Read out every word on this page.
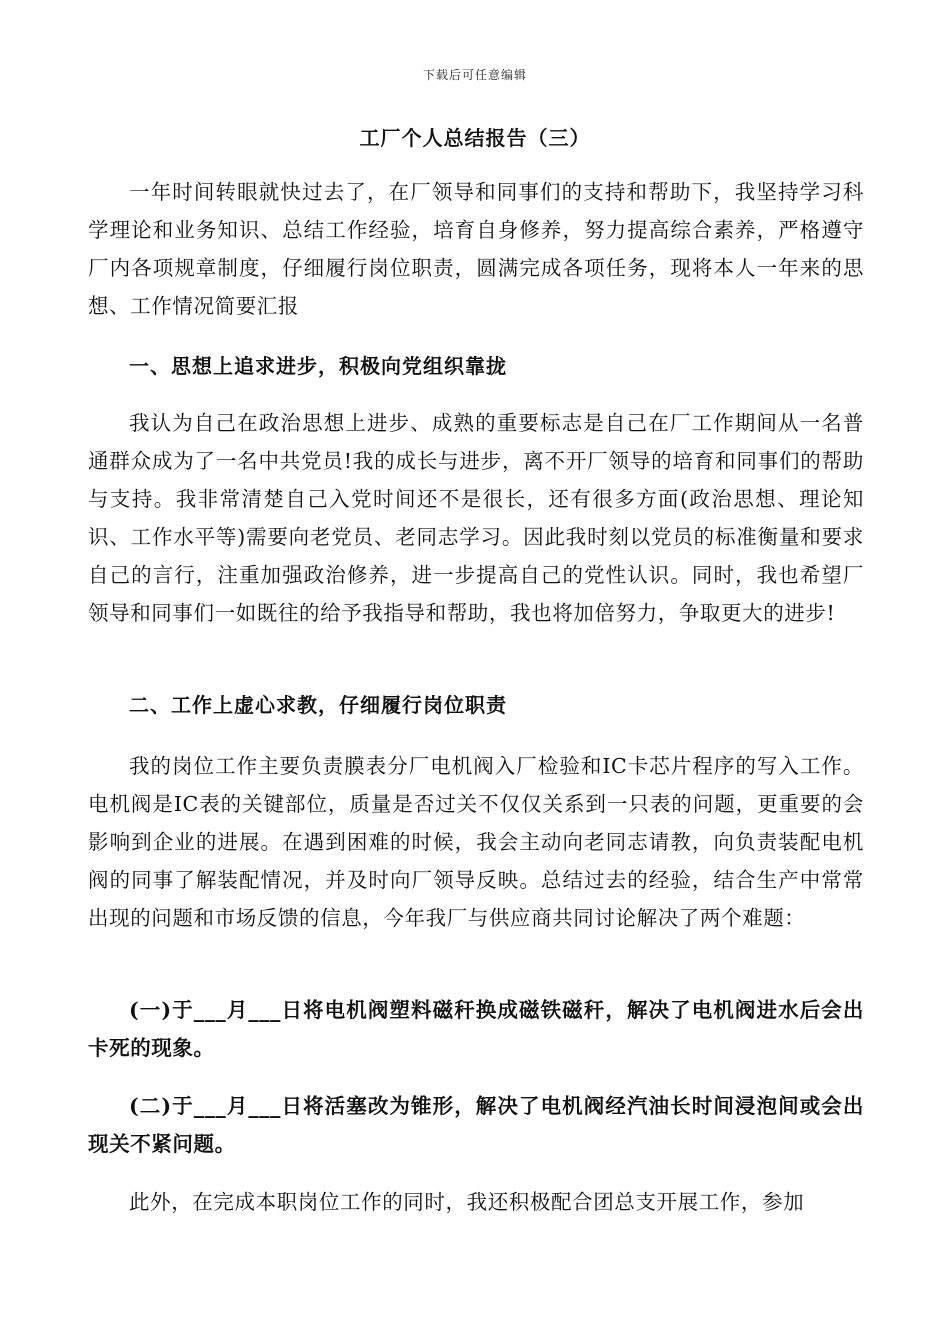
下载后可任意编辑
工厂个人总结报告（三）

一年时间转眼就快过去了，在厂领导和同事们的支持和帮助下，我坚持学习科学理论和业务知识、总结工作经验，培育自身修养，努力提高综合素养，严格遵守厂内各项规章制度，仔细履行岗位职责，圆满完成各项任务，现将本人一年来的思想、工作情况简要汇报

一、思想上追求进步，积极向党组织靠拢

我认为自己在政治思想上进步、成熟的重要标志是自己在厂工作期间从一名普通群众成为了一名中共党员!我的成长与进步，离不开厂领导的培育和同事们的帮助与支持。我非常清楚自己入党时间还不是很长，还有很多方面(政治思想、理论知识、工作水平等)需要向老党员、老同志学习。因此我时刻以党员的标准衡量和要求自己的言行，注重加强政治修养，进一步提高自己的党性认识。同时，我也希望厂领导和同事们一如既往的给予我指导和帮助，我也将加倍努力，争取更大的进步!

二、工作上虚心求教，仔细履行岗位职责

我的岗位工作主要负责膜表分厂电机阀入厂检验和IC卡芯片程序的写入工作。电机阀是IC表的关键部位，质量是否过关不仅仅关系到一只表的问题，更重要的会影响到企业的进展。在遇到困难的时候，我会主动向老同志请教，向负责装配电机阀的同事了解装配情况，并及时向厂领导反映。总结过去的经验，结合生产中常常出现的问题和市场反馈的信息，今年我厂与供应商共同讨论解决了两个难题：

(一)于___月___日将电机阀塑料磁秆换成磁铁磁秆，解决了电机阀进水后会出卡死的现象。

(二)于___月___日将活塞改为锥形，解决了电机阀经汽油长时间浸泡间或会出现关不紧问题。

此外，在完成本职岗位工作的同时，我还积极配合团总支开展工作，参加
